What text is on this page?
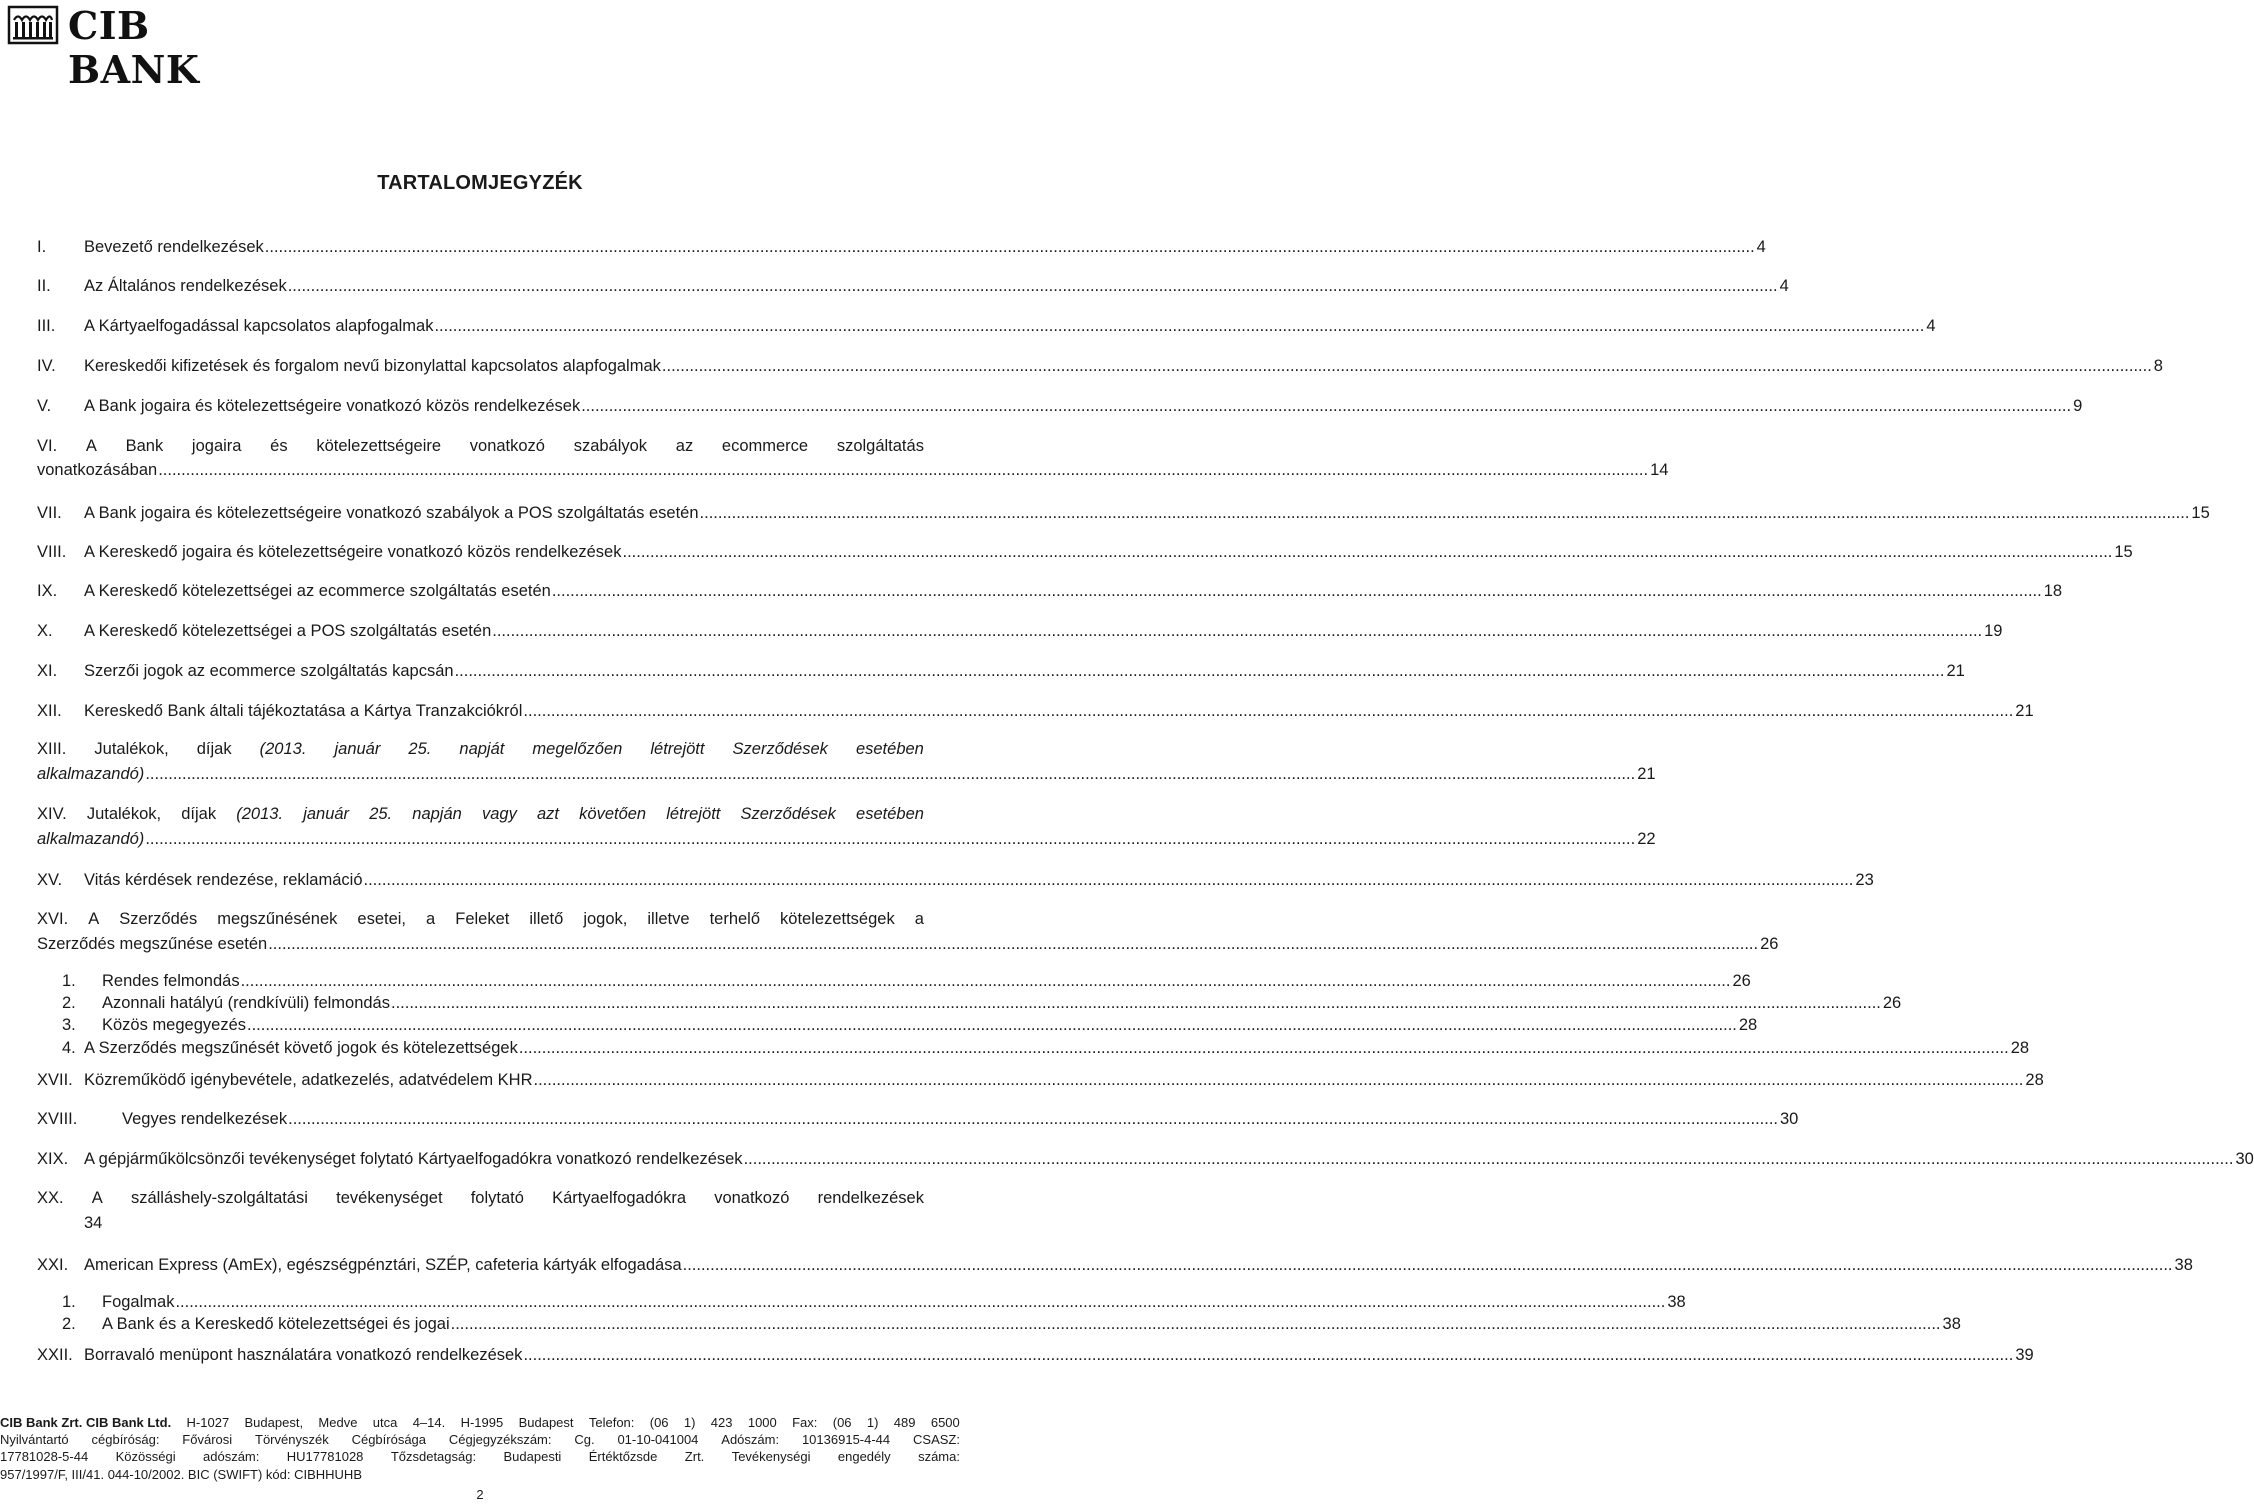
CIB BANK
TARTALOMJEGYZÉK
I.	Bevezető rendelkezések .....	4
II.	Az Általános rendelkezések .....	4
III.	A Kártyaelfogadással kapcsolatos alapfogalmak .....	4
IV.	Kereskedői kifizetések és forgalom nevű bizonylattal kapcsolatos alapfogalmak .....	8
V.	A Bank jogaira és kötelezettségeire vonatkozó közös rendelkezések .....	9
VI. A Bank jogaira és kötelezettségeire vonatkozó szabályok az ecommerce szolgáltatás
vonatkozásában .....	14
VII.	A Bank jogaira és kötelezettségeire vonatkozó szabályok a POS szolgáltatás esetén .....	15
VIII.	A Kereskedő jogaira és kötelezettségeire vonatkozó közös rendelkezések .....	15
IX.	A Kereskedő kötelezettségei az ecommerce szolgáltatás esetén .....	18
X.	A Kereskedő kötelezettségei a POS szolgáltatás esetén .....	19
XI.	Szerzői jogok az ecommerce szolgáltatás kapcsán .....	21
XII.	Kereskedő Bank általi tájékoztatása a Kártya Tranzakciókról .....	21
XIII. Jutalékok, díjak (2013. január 25. napját megelőzően létrejött Szerződések esetében
alkalmazandó) .....	21
XIV. Jutalékok, díjak (2013. január 25. napján vagy azt követően létrejött Szerződések esetében
alkalmazandó) .....	22
XV.	Vitás kérdések rendezése, reklamáció .....	23
XVI. A Szerződés megszűnésének esetei, a Feleket illető jogok, illetve terhelő kötelezettségek a
Szerződés megszűnése esetén .....	26
1.	Rendes felmondás .....	26
2.	Azonnali hatályú (rendkívüli) felmondás .....	26
3.	Közös megegyezés .....	28
4. A Szerződés megszűnését követő jogok és kötelezettségek .....	28
XVII. Közreműködő igénybevétele, adatkezelés, adatvédelem KHR .....	28
XVIII.	Vegyes rendelkezések .....	30
XIX. A gépjárműkölcsönzői tevékenységet folytató Kártyaelfogadókra vonatkozó rendelkezések .....	30
XX. A szálláshely-szolgáltatási tevékenységet folytató Kártyaelfogadókra vonatkozó rendelkezések
34
XXI. American Express (AmEx), egészségpénztári, SZÉP, cafeteria kártyák elfogadása .....	38
1.	Fogalmak .....	38
2.	A Bank és a Kereskedő kötelezettségei és jogai .....	38
XXII. Borravaló menüpont használatára vonatkozó rendelkezések .....	39
CIB Bank Zrt. CIB Bank Ltd. H-1027 Budapest, Medve utca 4–14. H-1995 Budapest Telefon: (06 1) 423 1000 Fax: (06 1) 489 6500
Nyilvántartó cégbíróság: Fővárosi Törvényszék Cégbírósága Cégjegyzékszám: Cg. 01-10-041004 Adószám: 10136915-4-44 CSASZ:
17781028-5-44 Közösségi adószám: HU17781028 Tőzsdetagság: Budapesti Értéktőzsde Zrt. Tevékenységi engedély száma:
957/1997/F, III/41. 044-10/2002. BIC (SWIFT) kód: CIBHHUHB
2
